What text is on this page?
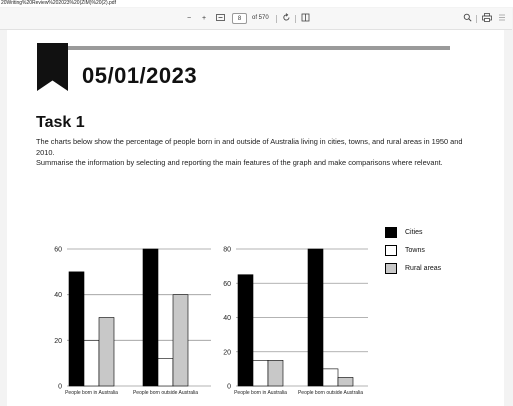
20Writing%20Review%202023%20(ZIM)%20(2).pdf
−	+	8	of 570
05/01/2023
Task 1

The charts below show the percentage of people born in and outside of Australia living in cities, towns, and rural areas in 1950 and 2010.

Summarise the information by selecting and reporting the main features of the graph and make comparisons where relevant.

0
20
40
60
People born in Australia	People born outside Australia
0
20
40
60
80
People born in Australia People born outside Australia
Cities
Towns
Rural areas
